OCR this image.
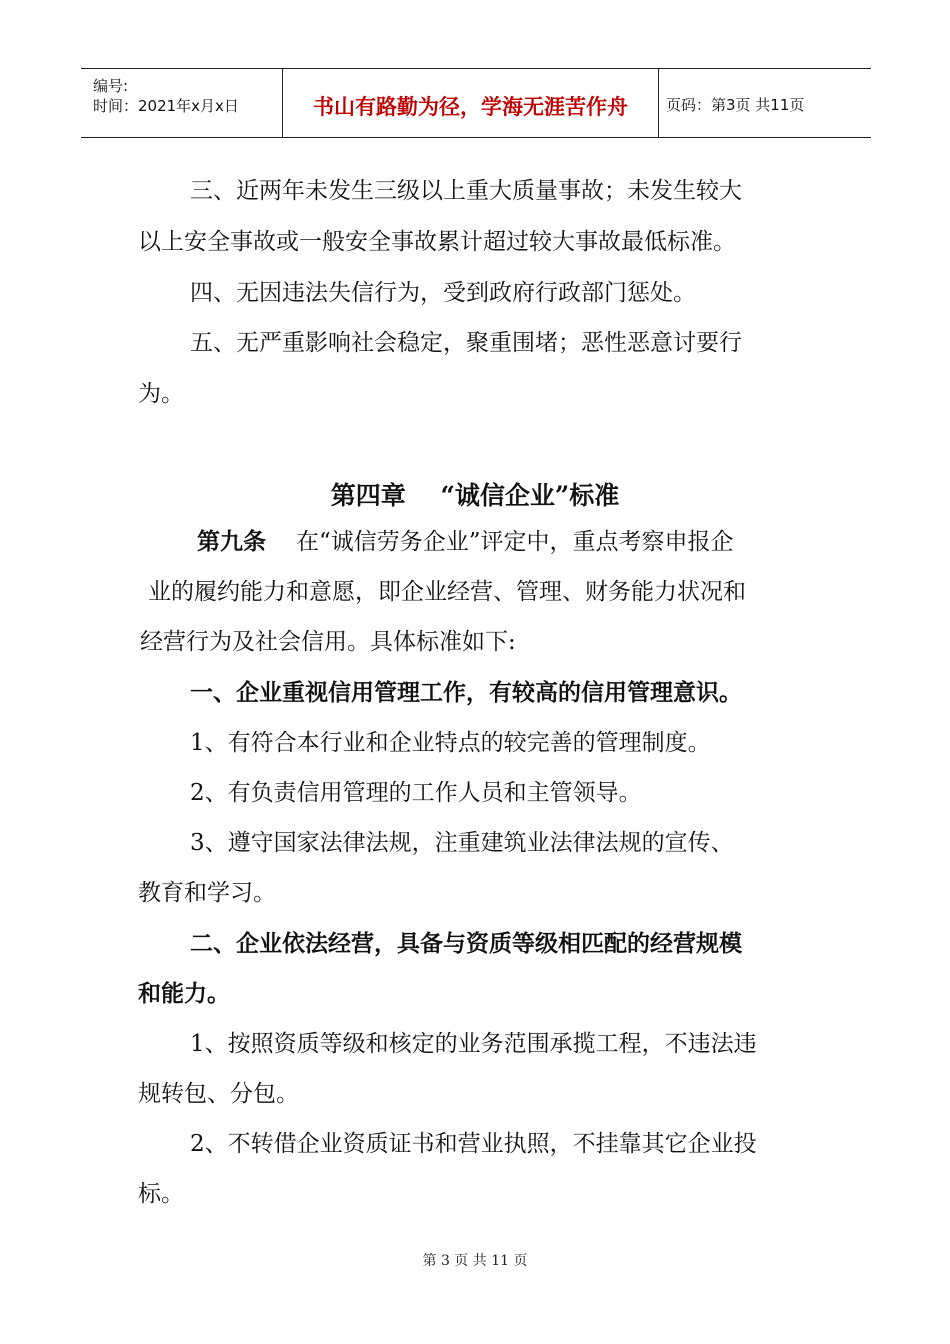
编号:
时间：2021年x月x日	书山有路勤为径，学海无涯苦作舟	页码：第3页 共11页
三、近两年未发生三级以上重大质量事故；未发生较大
以上安全事故或一般安全事故累计超过较大事故最低标准。
四、无因违法失信行为，受到政府行政部门惩处。
五、无严重影响社会稳定，聚重围堵；恶性恶意讨要行
为。
第四章    “诚信企业”标准
第九条 在“诚信劳务企业”评定中，重点考察申报企
业的履约能力和意愿，即企业经营、管理、财务能力状况和
经营行为及社会信用。具体标准如下:
一、企业重视信用管理工作，有较高的信用管理意识。
1、有符合本行业和企业特点的较完善的管理制度。
2、有负责信用管理的工作人员和主管领导。
3、遵守国家法律法规，注重建筑业法律法规的宣传、
教育和学习。
二、企业依法经营，具备与资质等级相匹配的经营规模
和能力。
1、按照资质等级和核定的业务范围承揽工程，不违法违
规转包、分包。
2、不转借企业资质证书和营业执照，不挂靠其它企业投
标。
第 3 页 共 11 页
